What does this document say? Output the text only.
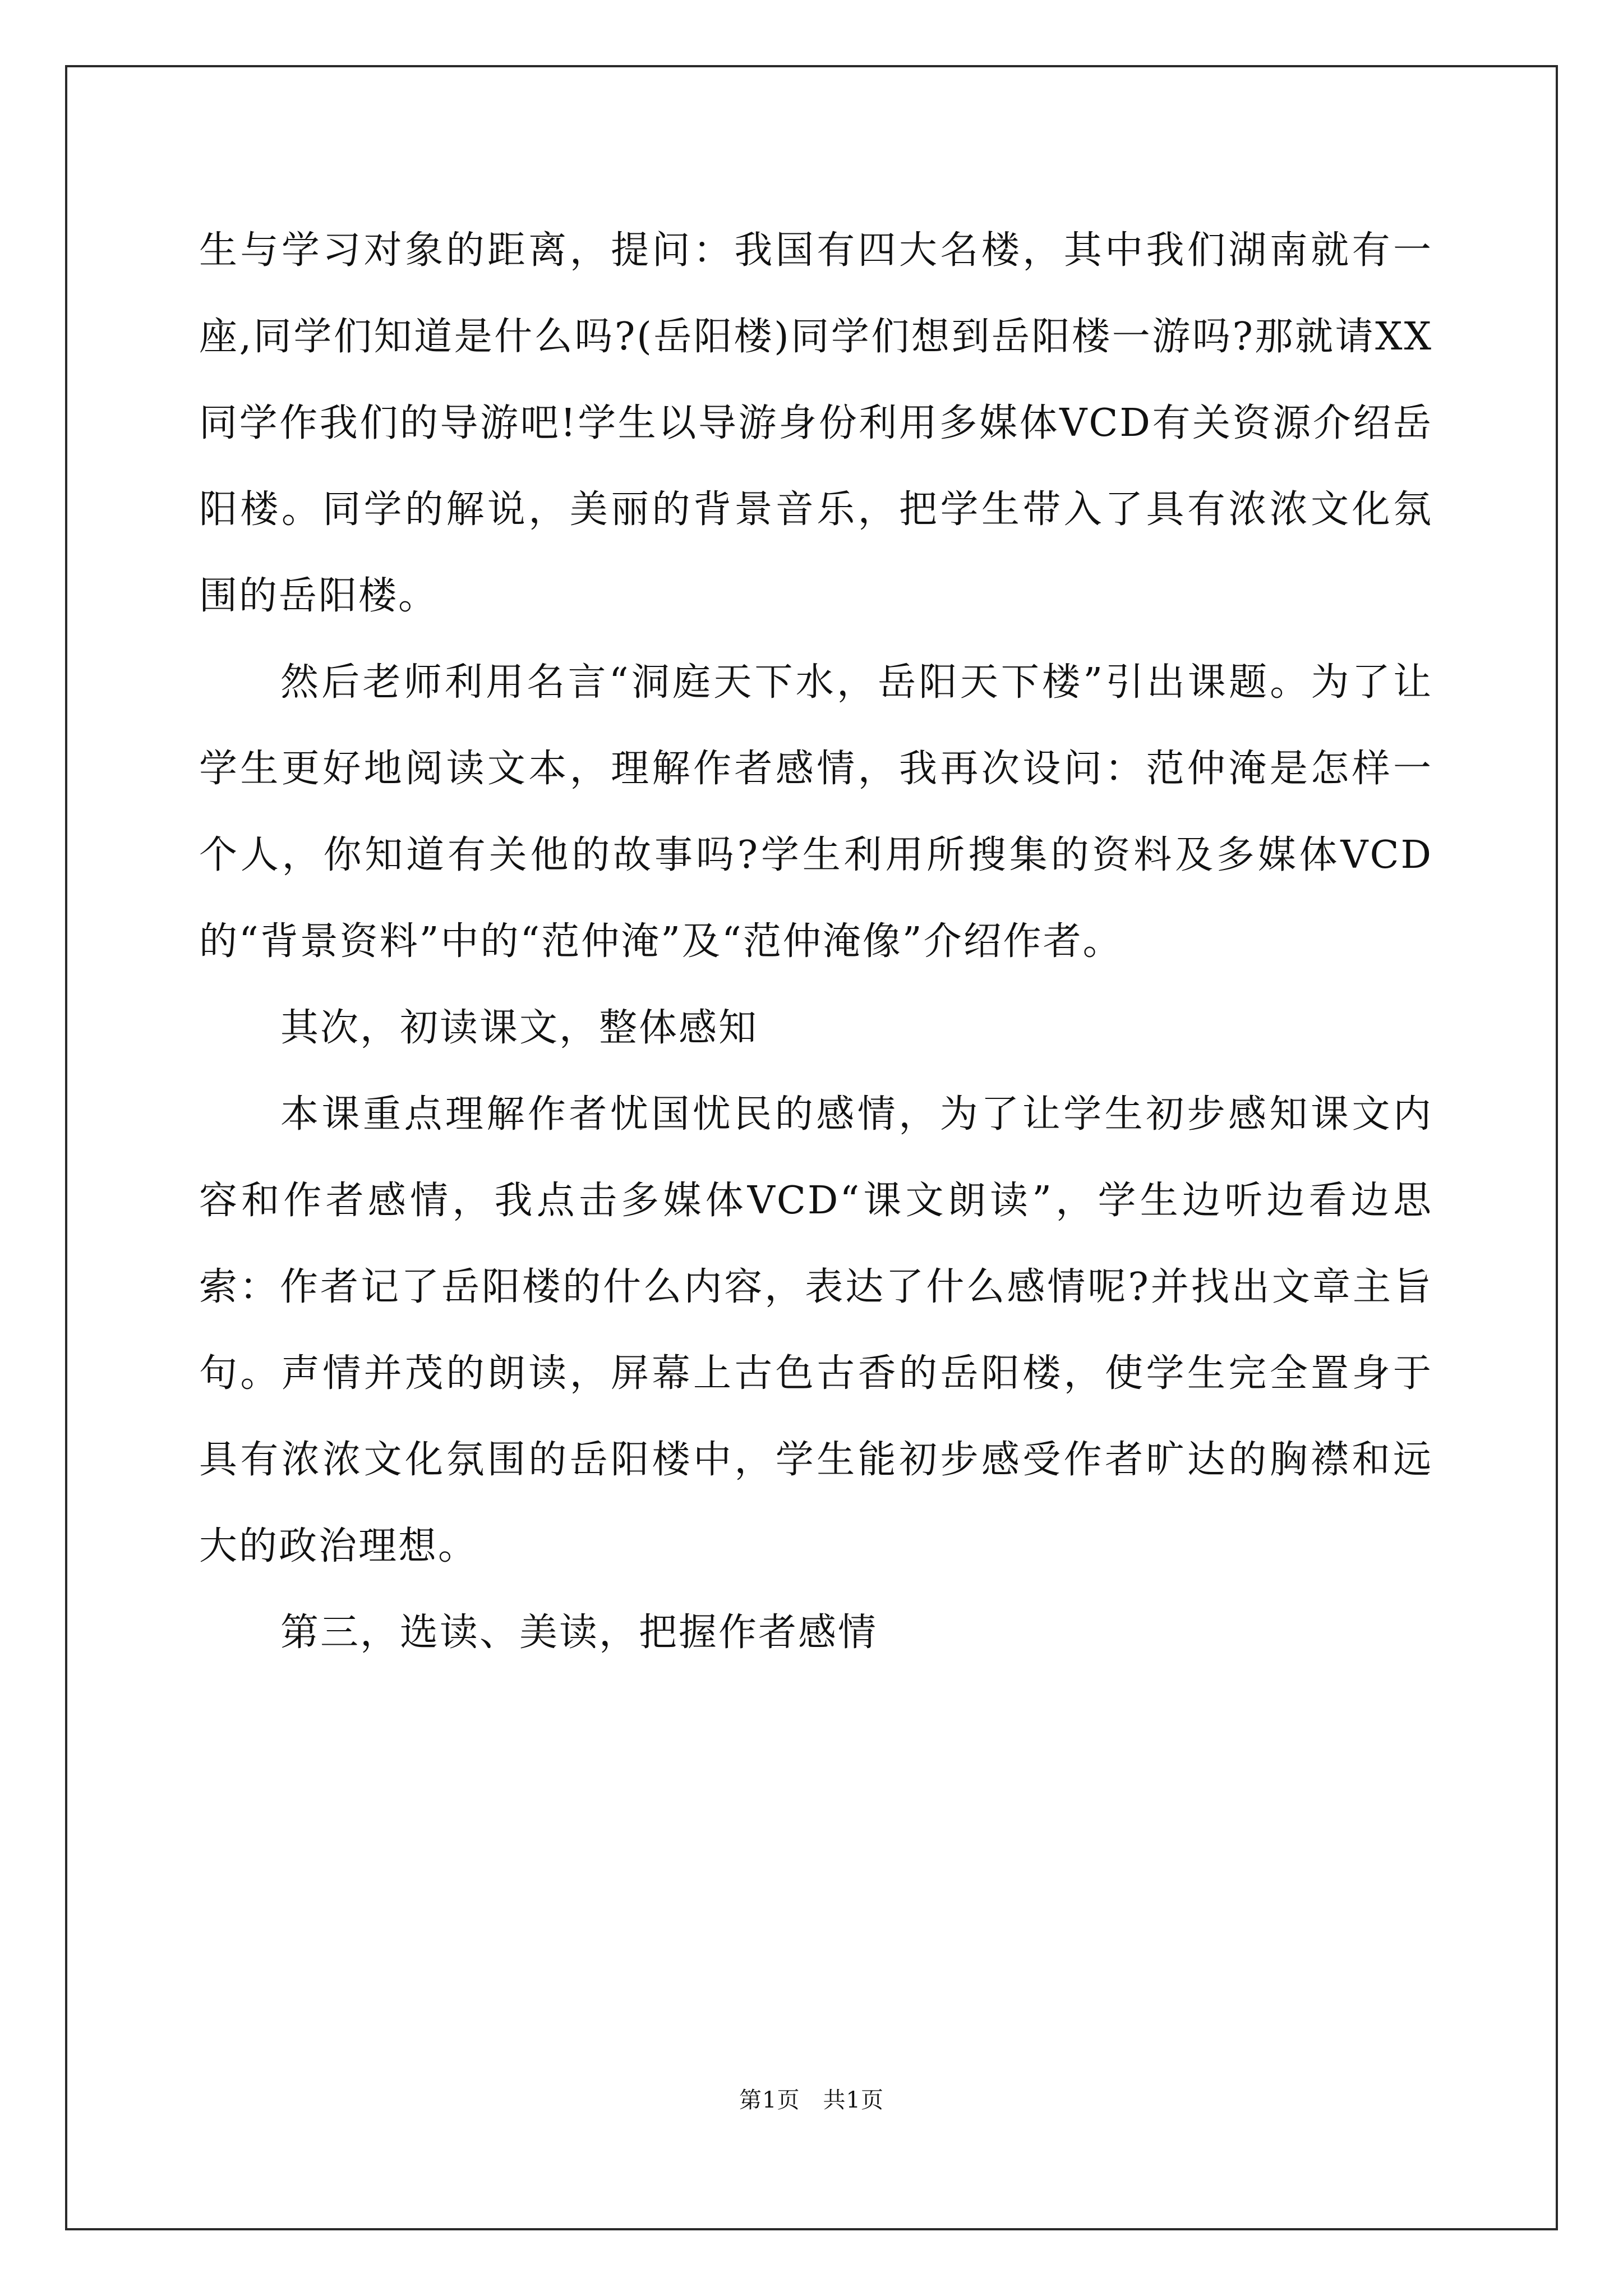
生与学习对象的距离，提问：我国有四大名楼，其中我们湖南就有一座,同学们知道是什么吗?(岳阳楼)同学们想到岳阳楼一游吗?那就请XX同学作我们的导游吧!学生以导游身份利用多媒体VCD有关资源介绍岳阳楼。同学的解说，美丽的背景音乐，把学生带入了具有浓浓文化氛围的岳阳楼。

然后老师利用名言“洞庭天下水，岳阳天下楼”引出课题。为了让学生更好地阅读文本，理解作者感情，我再次设问：范仲淹是怎样一个人，你知道有关他的故事吗?学生利用所搜集的资料及多媒体VCD的“背景资料”中的“范仲淹”及“范仲淹像”介绍作者。

其次，初读课文，整体感知

本课重点理解作者忧国忧民的感情，为了让学生初步感知课文内容和作者感情，我点击多媒体VCD“课文朗读”，学生边听边看边思索：作者记了岳阳楼的什么内容，表达了什么感情呢?并找出文章主旨句。声情并茂的朗读，屏幕上古色古香的岳阳楼，使学生完全置身于具有浓浓文化氛围的岳阳楼中，学生能初步感受作者旷达的胸襟和远大的政治理想。

第三，选读、美读，把握作者感情

第1页　共1页
